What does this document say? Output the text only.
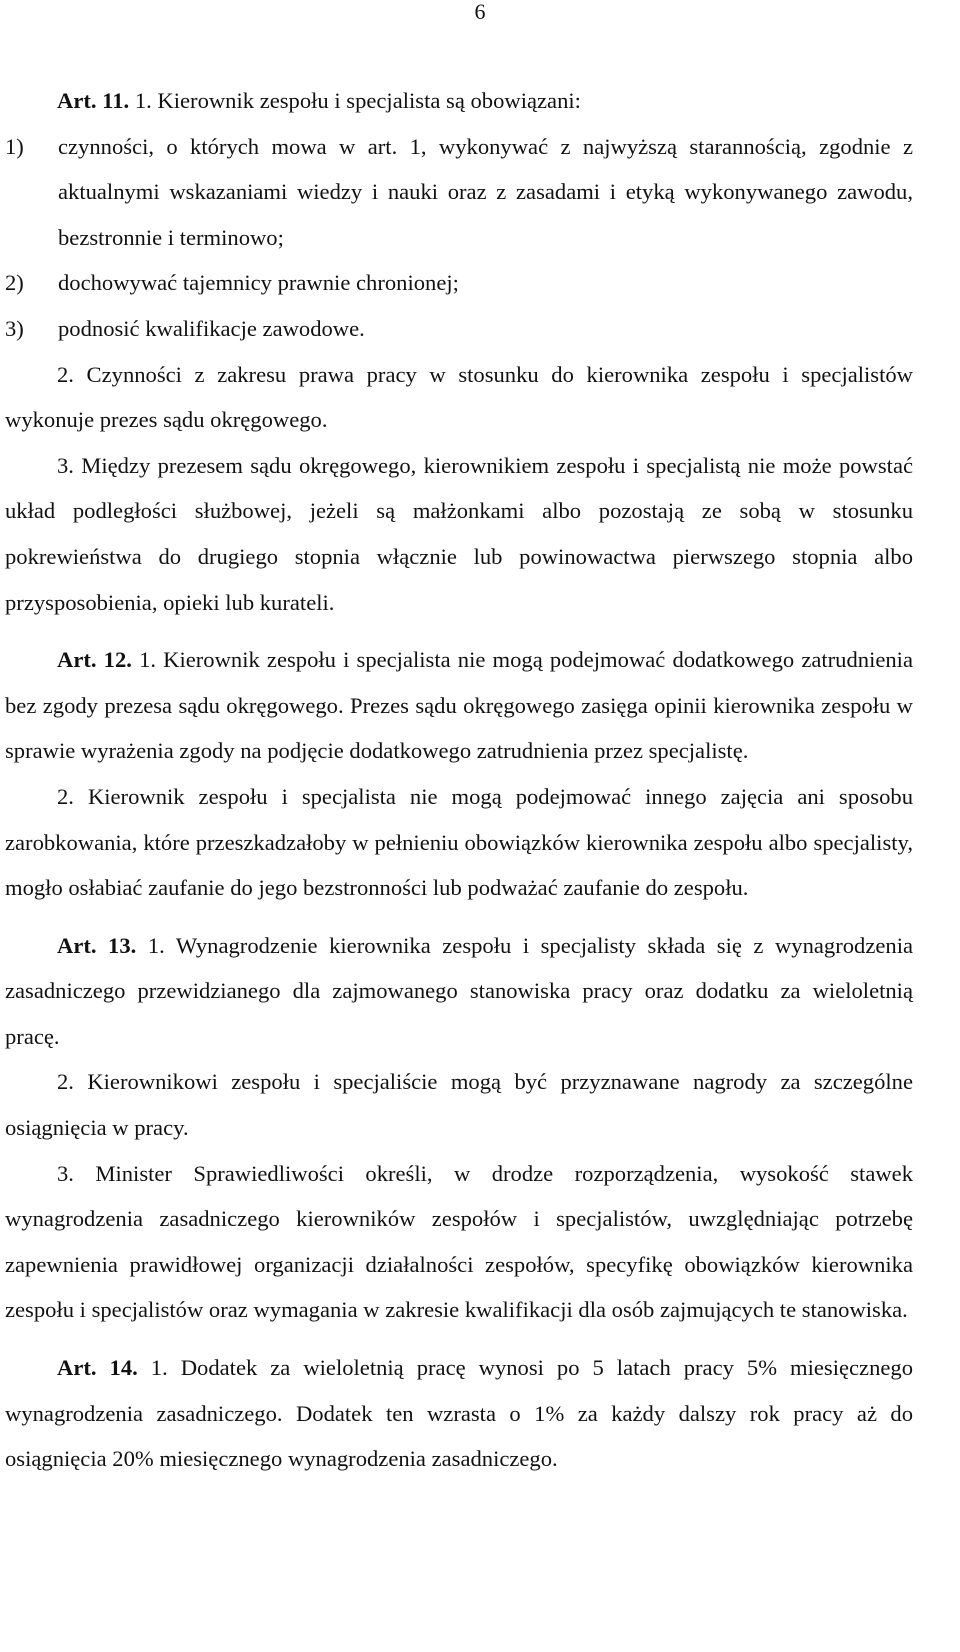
6

Art. 11. 1. Kierownik zespołu i specjalista są obowiązani:

1)	czynności, o których mowa w art. 1, wykonywać z najwyższą starannością, zgodnie z aktualnymi wskazaniami wiedzy i nauki oraz z zasadami i etyką wykonywanego zawodu, bezstronnie i terminowo;
2)	dochowywać tajemnicy prawnie chronionej;
3)	podnosić kwalifikacje zawodowe.

2. Czynności z zakresu prawa pracy w stosunku do kierownika zespołu i specjalistów wykonuje prezes sądu okręgowego.

3. Między prezesem sądu okręgowego, kierownikiem zespołu i specjalistą nie może powstać układ podległości służbowej, jeżeli są małżonkami albo pozostają ze sobą w stosunku pokrewieństwa do drugiego stopnia włącznie lub powinowactwa pierwszego stopnia albo przysposobienia, opieki lub kurateli.

Art. 12. 1. Kierownik zespołu i specjalista nie mogą podejmować dodatkowego zatrudnienia bez zgody prezesa sądu okręgowego. Prezes sądu okręgowego zasięga opinii kierownika zespołu w sprawie wyrażenia zgody na podjęcie dodatkowego zatrudnienia przez specjalistę.

2. Kierownik zespołu i specjalista nie mogą podejmować innego zajęcia ani sposobu zarobkowania, które przeszkadzałoby w pełnieniu obowiązków kierownika zespołu albo specjalisty, mogło osłabiać zaufanie do jego bezstronności lub podważać zaufanie do zespołu.

Art. 13. 1. Wynagrodzenie kierownika zespołu i specjalisty składa się z wynagrodzenia zasadniczego przewidzianego dla zajmowanego stanowiska pracy oraz dodatku za wieloletnią pracę.

2. Kierownikowi zespołu i specjaliście mogą być przyznawane nagrody za szczególne osiągnięcia w pracy.

3. Minister Sprawiedliwości określi, w drodze rozporządzenia, wysokość stawek wynagrodzenia zasadniczego kierowników zespołów i specjalistów, uwzględniając potrzebę zapewnienia prawidłowej organizacji działalności zespołów, specyfikę obowiązków kierownika zespołu i specjalistów oraz wymagania w zakresie kwalifikacji dla osób zajmujących te stanowiska.

Art. 14. 1. Dodatek za wieloletnią pracę wynosi po 5 latach pracy 5% miesięcznego wynagrodzenia zasadniczego. Dodatek ten wzrasta o 1% za każdy dalszy rok pracy aż do osiągnięcia 20% miesięcznego wynagrodzenia zasadniczego.
